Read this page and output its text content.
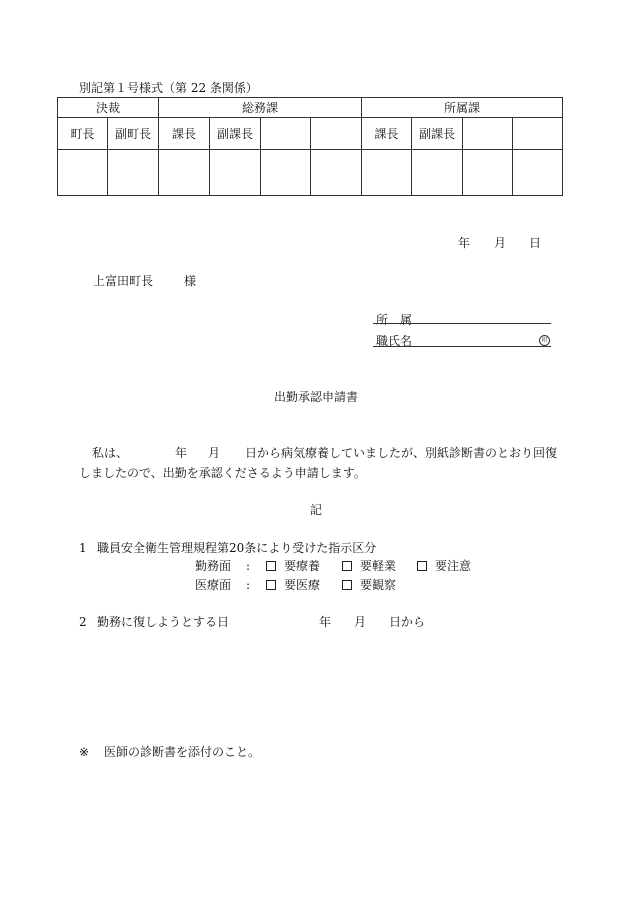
別記第１号様式（第 22 条関係）
決裁		総務課				所属課			
町長	副町長	課長	副課長			課長	副課長		

年 月 日
上富田町長	様
所　属
職氏名	印
出勤承認申請書
私は、	年 月 日から病気療養していましたが、別紙診断書のとおり回復
しましたので、出勤を承認くださるよう申請します。
記
1 職員安全衛生管理規程第20条により受けた指示区分
勤務面 :	要療養	要軽業	要注意
医療面 :	要医療	要観察
2 勤務に復しようとする日	年 月 日から
※ 医師の診断書を添付のこと。
